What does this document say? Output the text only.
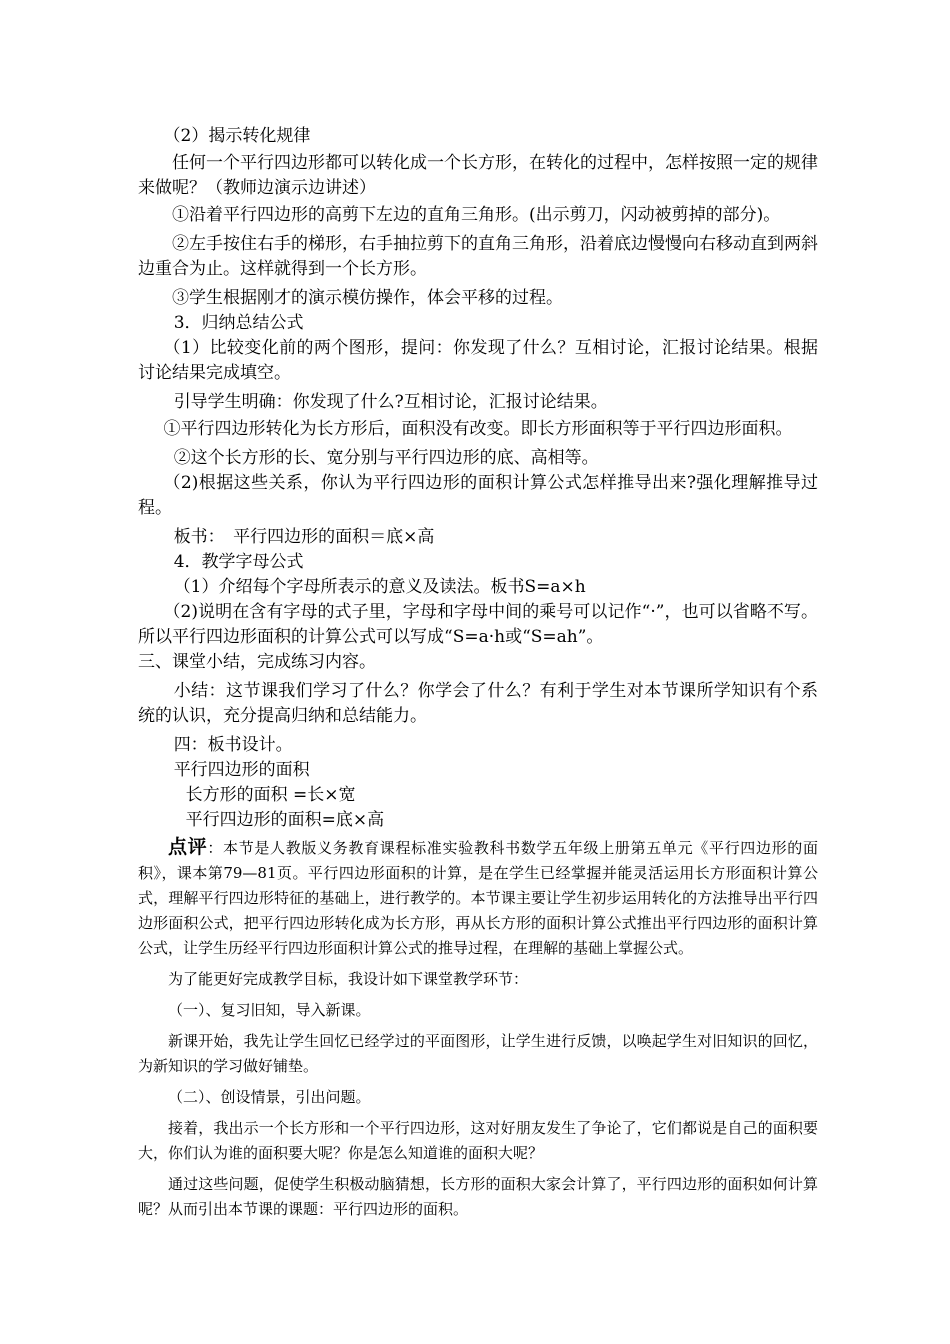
（2）揭示转化规律

任何一个平行四边形都可以转化成一个长方形，在转化的过程中，怎样按照一定的规律来做呢？（教师边演示边讲述）

①沿着平行四边形的高剪下左边的直角三角形。(出示剪刀，闪动被剪掉的部分)。

②左手按住右手的梯形，右手抽拉剪下的直角三角形，沿着底边慢慢向右移动直到两斜边重合为止。这样就得到一个长方形。

③学生根据刚才的演示模仿操作，体会平移的过程。

3．归纳总结公式

（1）比较变化前的两个图形，提问：你发现了什么？互相讨论，汇报讨论结果。根据讨论结果完成填空。

引导学生明确：你发现了什么?互相讨论，汇报讨论结果。

①平行四边形转化为长方形后，面积没有改变。即长方形面积等于平行四边形面积。

②这个长方形的长、宽分别与平行四边形的底、高相等。

（2)根据这些关系，你认为平行四边形的面积计算公式怎样推导出来?强化理解推导过程。

板书：　平行四边形的面积＝底×高

4．教学字母公式

（1）介绍每个字母所表示的意义及读法。板书S=a×h

（2)说明在含有字母的式子里，字母和字母中间的乘号可以记作“·”，也可以省略不写。所以平行四边形面积的计算公式可以写成“S=a·h或“S=ah”。

三、课堂小结，完成练习内容。

小结：这节课我们学习了什么？你学会了什么？有利于学生对本节课所学知识有个系统的认识，充分提高归纳和总结能力。

四：板书设计。

平行四边形的面积

长方形的面积 =长×宽

平行四边形的面积=底×高

点评：本节是人教版义务教育课程标准实验教科书数学五年级上册第五单元《平行四边形的面积》，课本第79—81页。平行四边形面积的计算，是在学生已经掌握并能灵活运用长方形面积计算公式，理解平行四边形特征的基础上，进行教学的。本节课主要让学生初步运用转化的方法推导出平行四边形面积公式，把平行四边形转化成为长方形，再从长方形的面积计算公式推出平行四边形的面积计算公式，让学生历经平行四边形面积计算公式的推导过程，在理解的基础上掌握公式。

为了能更好完成教学目标，我设计如下课堂教学环节：

（一）、复习旧知，导入新课。

新课开始，我先让学生回忆已经学过的平面图形，让学生进行反馈，以唤起学生对旧知识的回忆，为新知识的学习做好铺垫。

（二）、创设情景，引出问题。

接着，我出示一个长方形和一个平行四边形，这对好朋友发生了争论了，它们都说是自己的面积要大，你们认为谁的面积要大呢？你是怎么知道谁的面积大呢？

通过这些问题，促使学生积极动脑猜想，长方形的面积大家会计算了，平行四边形的面积如何计算呢？从而引出本节课的课题：平行四边形的面积。
